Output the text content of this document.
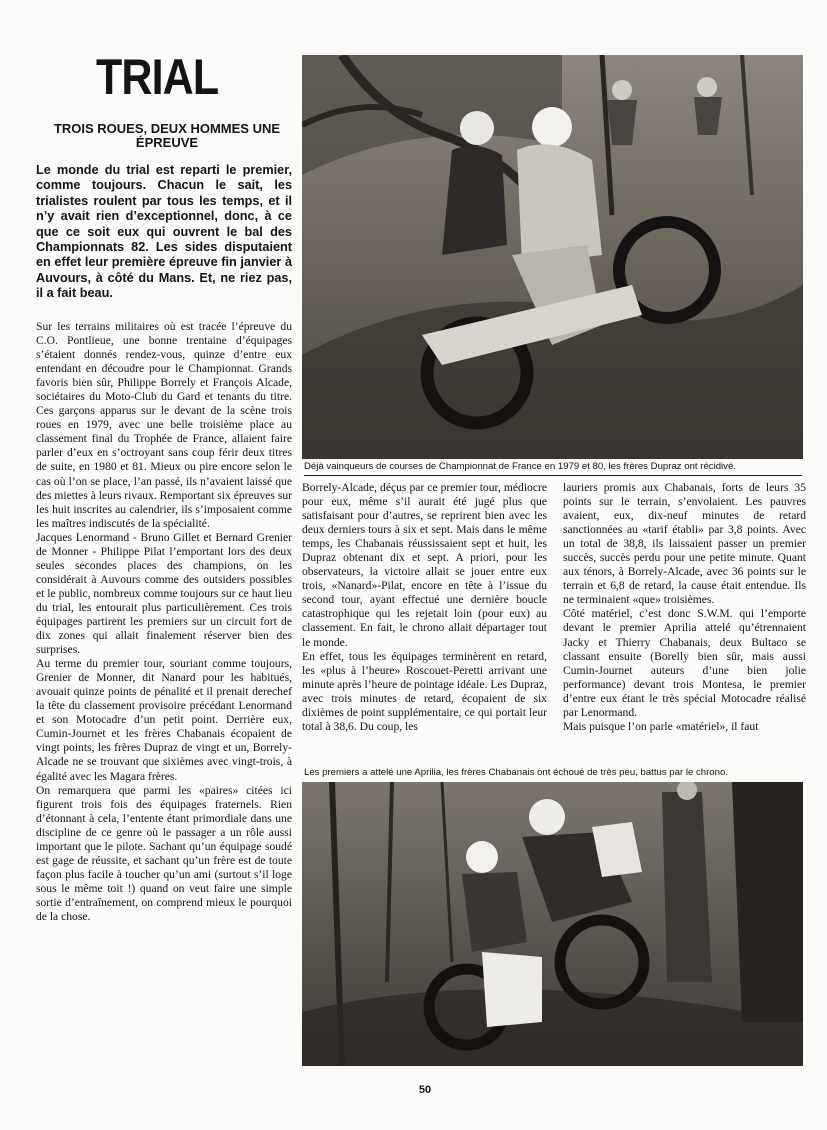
TRIAL
TROIS ROUES, DEUX HOMMES UNE ÉPREUVE

Le monde du trial est reparti le premier, comme toujours. Chacun le sait, les trialistes roulent par tous les temps, et il n’y avait rien d’exceptionnel, donc, à ce que ce soit eux qui ouvrent le bal des Championnats 82. Les sides disputaient en effet leur première épreuve fin janvier à Auvours, à côté du Mans. Et, ne riez pas, il a fait beau.

Sur les terrains militaires où est tracée l’épreuve du C.O. Pontlieue, une bonne trentaine d’équipages s’étaient donnés rendez-vous, quinze d’entre eux entendant en découdre pour le Championnat. Grands favoris bien sûr, Philippe Borrely et François Alcade, sociétaires du Moto-Club du Gard et tenants du titre. Ces garçons apparus sur le devant de la scène trois roues en 1979, avec une belle troisième place au classement final du Trophée de France, allaient faire parler d’eux en s’octroyant sans coup férir deux titres de suite, en 1980 et 81. Mieux ou pire encore selon le cas où l’on se place, l’an passé, ils n’avaient laissé que des miettes à leurs rivaux. Remportant six épreuves sur les huit inscrites au calendrier, ils s’imposaient comme les maîtres indiscutés de la spécialité.

Jacques Lenormand - Bruno Gillet et Bernard Grenier de Monner - Philippe Pilat l’emportant lors des deux seules secondes places des champions, on les considérait à Auvours comme des outsiders possibles et le public, nombreux comme toujours sur ce haut lieu du trial, les entourait plus particulièrement. Ces trois équipages partirent les premiers sur un circuit fort de dix zones qui allait finalement réserver bien des surprises.

Au terme du premier tour, souriant comme toujours, Grenier de Monner, dit Nanard pour les habitués, avouait quinze points de pénalité et il prenait derechef la tête du classement provisoire précédant Lenormand et son Motocadre d’un petit point. Derrière eux, Cumin-Journet et les frères Chabanais écopaient de vingt points, les frères Dupraz de vingt et un, Borrely-Alcade ne se trouvant que sixièmes avec vingt-trois, à égalité avec les Magara frères.

On remarquera que parmi les «paires» citées ici figurent trois fois des équipages fraternels. Rien d’étonnant à cela, l’entente étant primordiale dans une discipline de ce genre où le passager a un rôle aussi important que le pilote. Sachant qu’un équipage soudé est gage de réussite, et sachant qu’un frère est de toute façon plus facile à toucher qu’un ami (surtout s’il loge sous le même toit !) quand on veut faire une simple sortie d’entraînement, on comprend mieux le pourquoi de la chose.

Déjà vainqueurs de courses de Championnat de France en 1979 et 80, les frères Dupraz ont récidivé.

Borrely-Alcade, déçus par ce premier tour, médiocre pour eux, même s’il aurait été jugé plus que satisfaisant pour d’autres, se reprirent bien avec les deux derniers tours à six et sept. Mais dans le même temps, les Chabanais réussissaient sept et huit, les Dupraz obtenant dix et sept. A priori, pour les observateurs, la victoire allait se jouer entre eux trois, «Nanard»-Pilat, encore en tête à l’issue du second tour, ayant effectué une dernière boucle catastrophique qui les rejetait loin (pour eux) au classement. En fait, le chrono allait départager tout le monde.

En effet, tous les équipages terminèrent en retard, les «plus à l’heure» Roscouet-Peretti arrivant une minute après l’heure de pointage idéale. Les Dupraz, avec trois minutes de retard, écopaient de six dixièmes de point supplémentaire, ce qui portait leur total à 38,6. Du coup, les

lauriers promis aux Chabanais, forts de leurs 35 points sur le terrain, s’envolaient. Les pauvres avaient, eux, dix-neuf minutes de retard sanctionnées au «tarif établi» par 3,8 points. Avec un total de 38,8, ils laissaient passer un premier succès, succès perdu pour une petite minute. Quant aux ténors, à Borrely-Alcade, avec 36 points sur le terrain et 6,8 de retard, la cause était entendue. Ils ne terminaient «que» troisièmes.

Côté matériel, c’est donc S.W.M. qui l’emporte devant le premier Aprilia attelé qu’étrennaient Jacky et Thierry Chabanais, deux Bultaco se classant ensuite (Borelly bien sûr, mais aussi Cumin-Journet auteurs d’une bien jolie performance) devant trois Montesa, le premier d’entre eux étant le très spécial Motocadre réalisé par Lenormand.

Mais puisque l’on parle «matériel», il faut

Les premiers a attelé une Aprilia, les frères Chabanais ont échoué de très peu, battus par le chrono.
50
